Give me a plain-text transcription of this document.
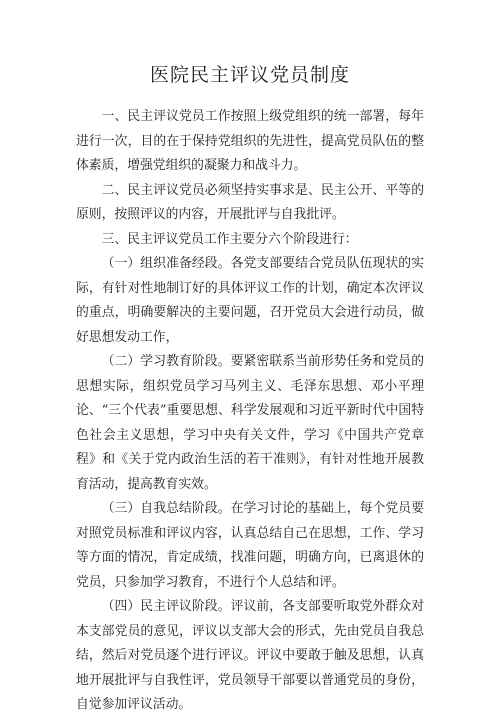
医院民主评议党员制度

一、民主评议党员工作按照上级党组织的统一部署，每年进行一次，目的在于保持党组织的先进性，提高党员队伍的整体素质，增强党组织的凝聚力和战斗力。

二、民主评议党员必须坚持实事求是、民主公开、平等的原则，按照评议的内容，开展批评与自我批评。

三、民主评议党员工作主要分六个阶段进行：

（一）组织准备经段。各党支部要结合党员队伍现状的实际，有针对性地制订好的具体评议工作的计划，确定本次评议的重点，明确要解决的主要问题，召开党员大会进行动员，做好思想发动工作，

（二）学习教育阶段。要紧密联系当前形势任务和党员的思想实际，组织党员学习马列主义、毛泽东思想、邓小平理论、“三个代表”重要思想、科学发展观和习近平新时代中国特色社会主义思想，学习中央有关文件，学习《中国共产党章程》和《关于党内政治生活的若干准则》，有针对性地开展教育活动，提高教育实效。

（三）自我总结阶段。在学习讨论的基础上，每个党员要对照党员标准和评议内容，认真总结自己在思想，工作、学习等方面的情况，肯定成绩，找准问题，明确方向，已离退休的党员，只参加学习教育，不进行个人总结和评。

（四）民主评议阶段。评议前，各支部要听取党外群众对本支部党员的意见，评议以支部大会的形式，先由党员自我总结，然后对党员逐个进行评议。评议中要敢于触及思想，认真地开展批评与自我性评，党员领导干部要以普通党员的身份，自觉参加评议活动。
